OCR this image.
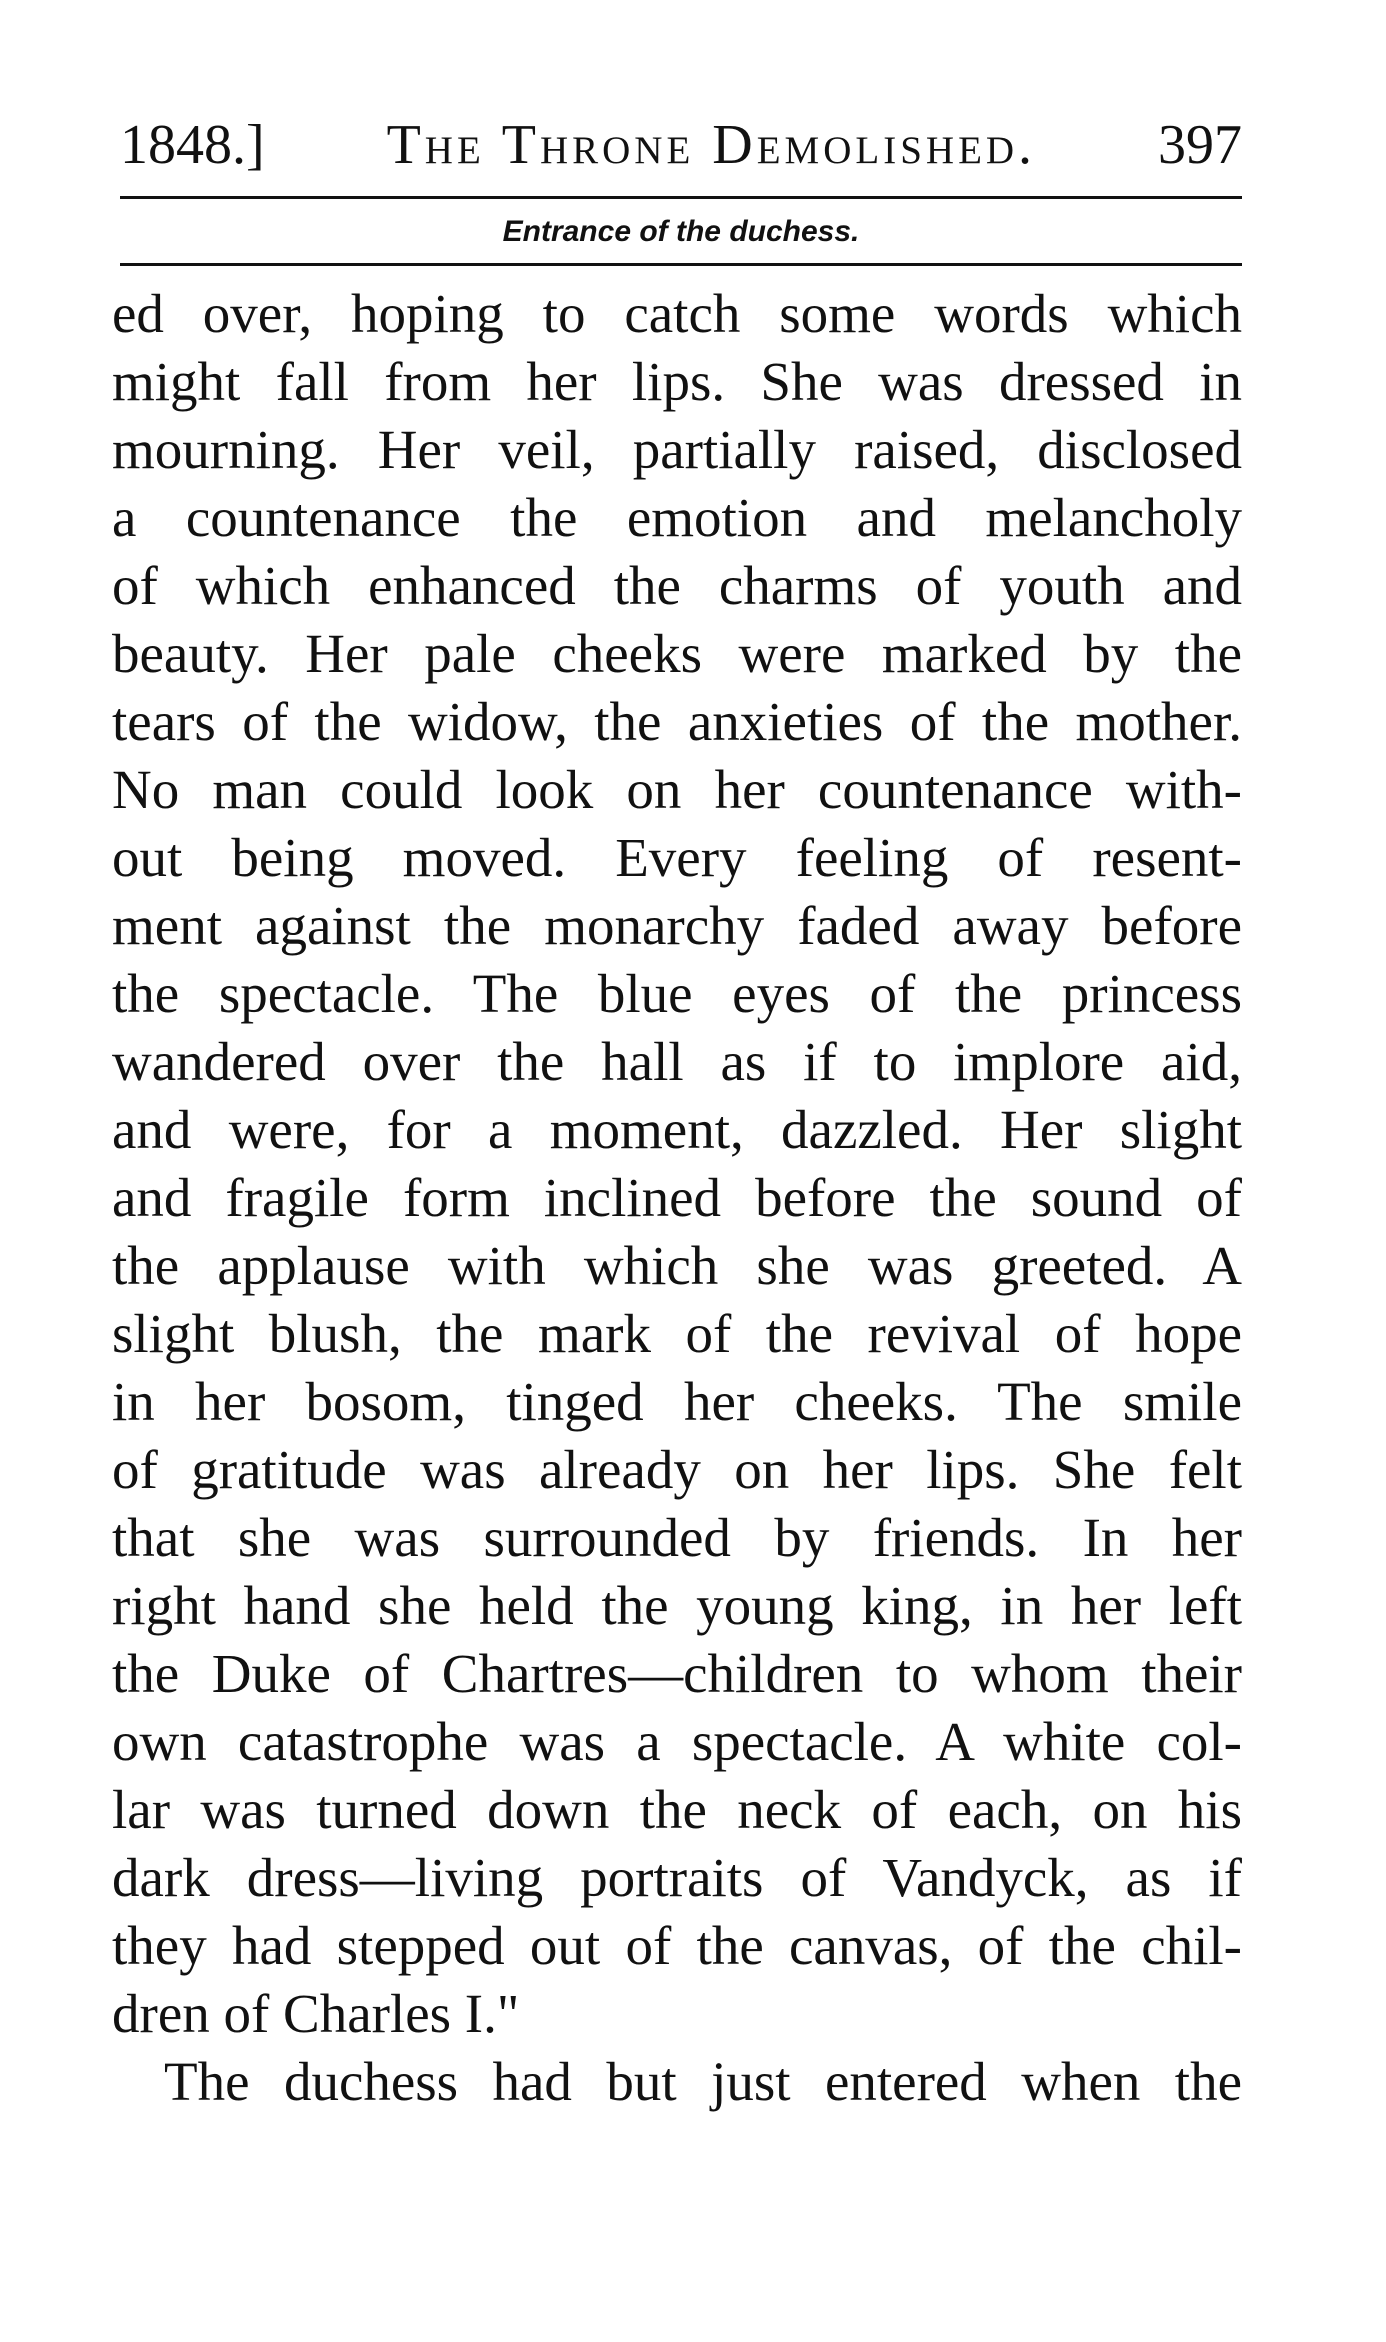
1848.] The Throne Demolished. 397
Entrance of the duchess.
ed over, hoping to catch some words which
might fall from her lips. She was dressed in
mourning. Her veil, partially raised, disclosed
a countenance the emotion and melancholy
of which enhanced the charms of youth and
beauty. Her pale cheeks were marked by the
tears of the widow, the anxieties of the mother.
No man could look on her countenance with-
out being moved. Every feeling of resent-
ment against the monarchy faded away before
the spectacle. The blue eyes of the princess
wandered over the hall as if to implore aid,
and were, for a moment, dazzled. Her slight
and fragile form inclined before the sound of
the applause with which she was greeted. A
slight blush, the mark of the revival of hope
in her bosom, tinged her cheeks. The smile
of gratitude was already on her lips. She felt
that she was surrounded by friends. In her
right hand she held the young king, in her left
the Duke of Chartres—children to whom their
own catastrophe was a spectacle. A white col-
lar was turned down the neck of each, on his
dark dress—living portraits of Vandyck, as if
they had stepped out of the canvas, of the chil-
dren of Charles I."
The duchess had but just entered when the
